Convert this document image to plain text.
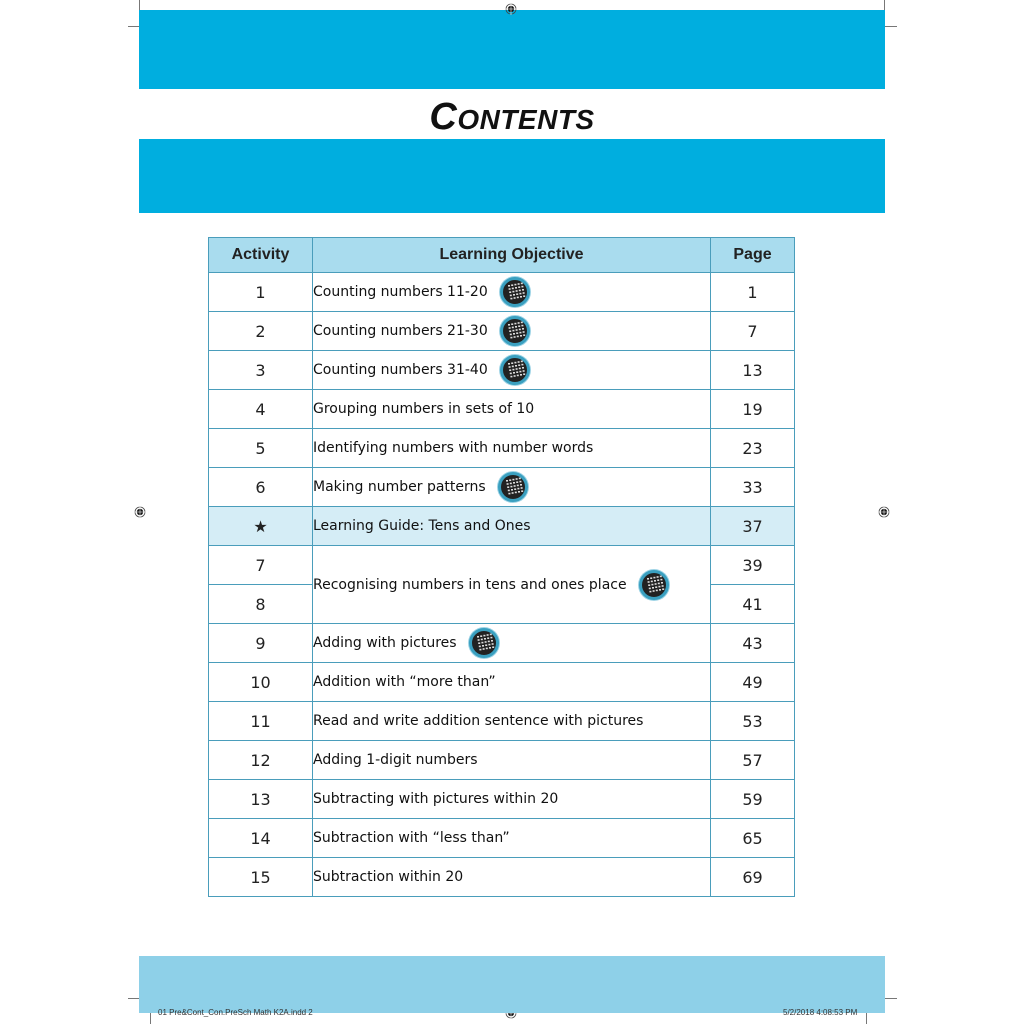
CONTENTS
Activity	Learning Objective	Page
1	Counting numbers 11-20	1
2	Counting numbers 21-30	7
3	Counting numbers 31-40	13
4	Grouping numbers in sets of 10	19
5	Identifying numbers with number words	23
6	Making number patterns	33
★	Learning Guide: Tens and Ones	37
7	Recognising numbers in tens and ones place	39
8		41
9	Adding with pictures	43
10	Addition with “more than”	49
11	Read and write addition sentence with pictures	53
12	Adding 1-digit numbers	57
13	Subtracting with pictures within 20	59
14	Subtraction with “less than”	65
15	Subtraction within 20	69
01 Pre&Cont_Con.PreSch Math K2A.indd 2	5/2/2018 4:08:53 PM
